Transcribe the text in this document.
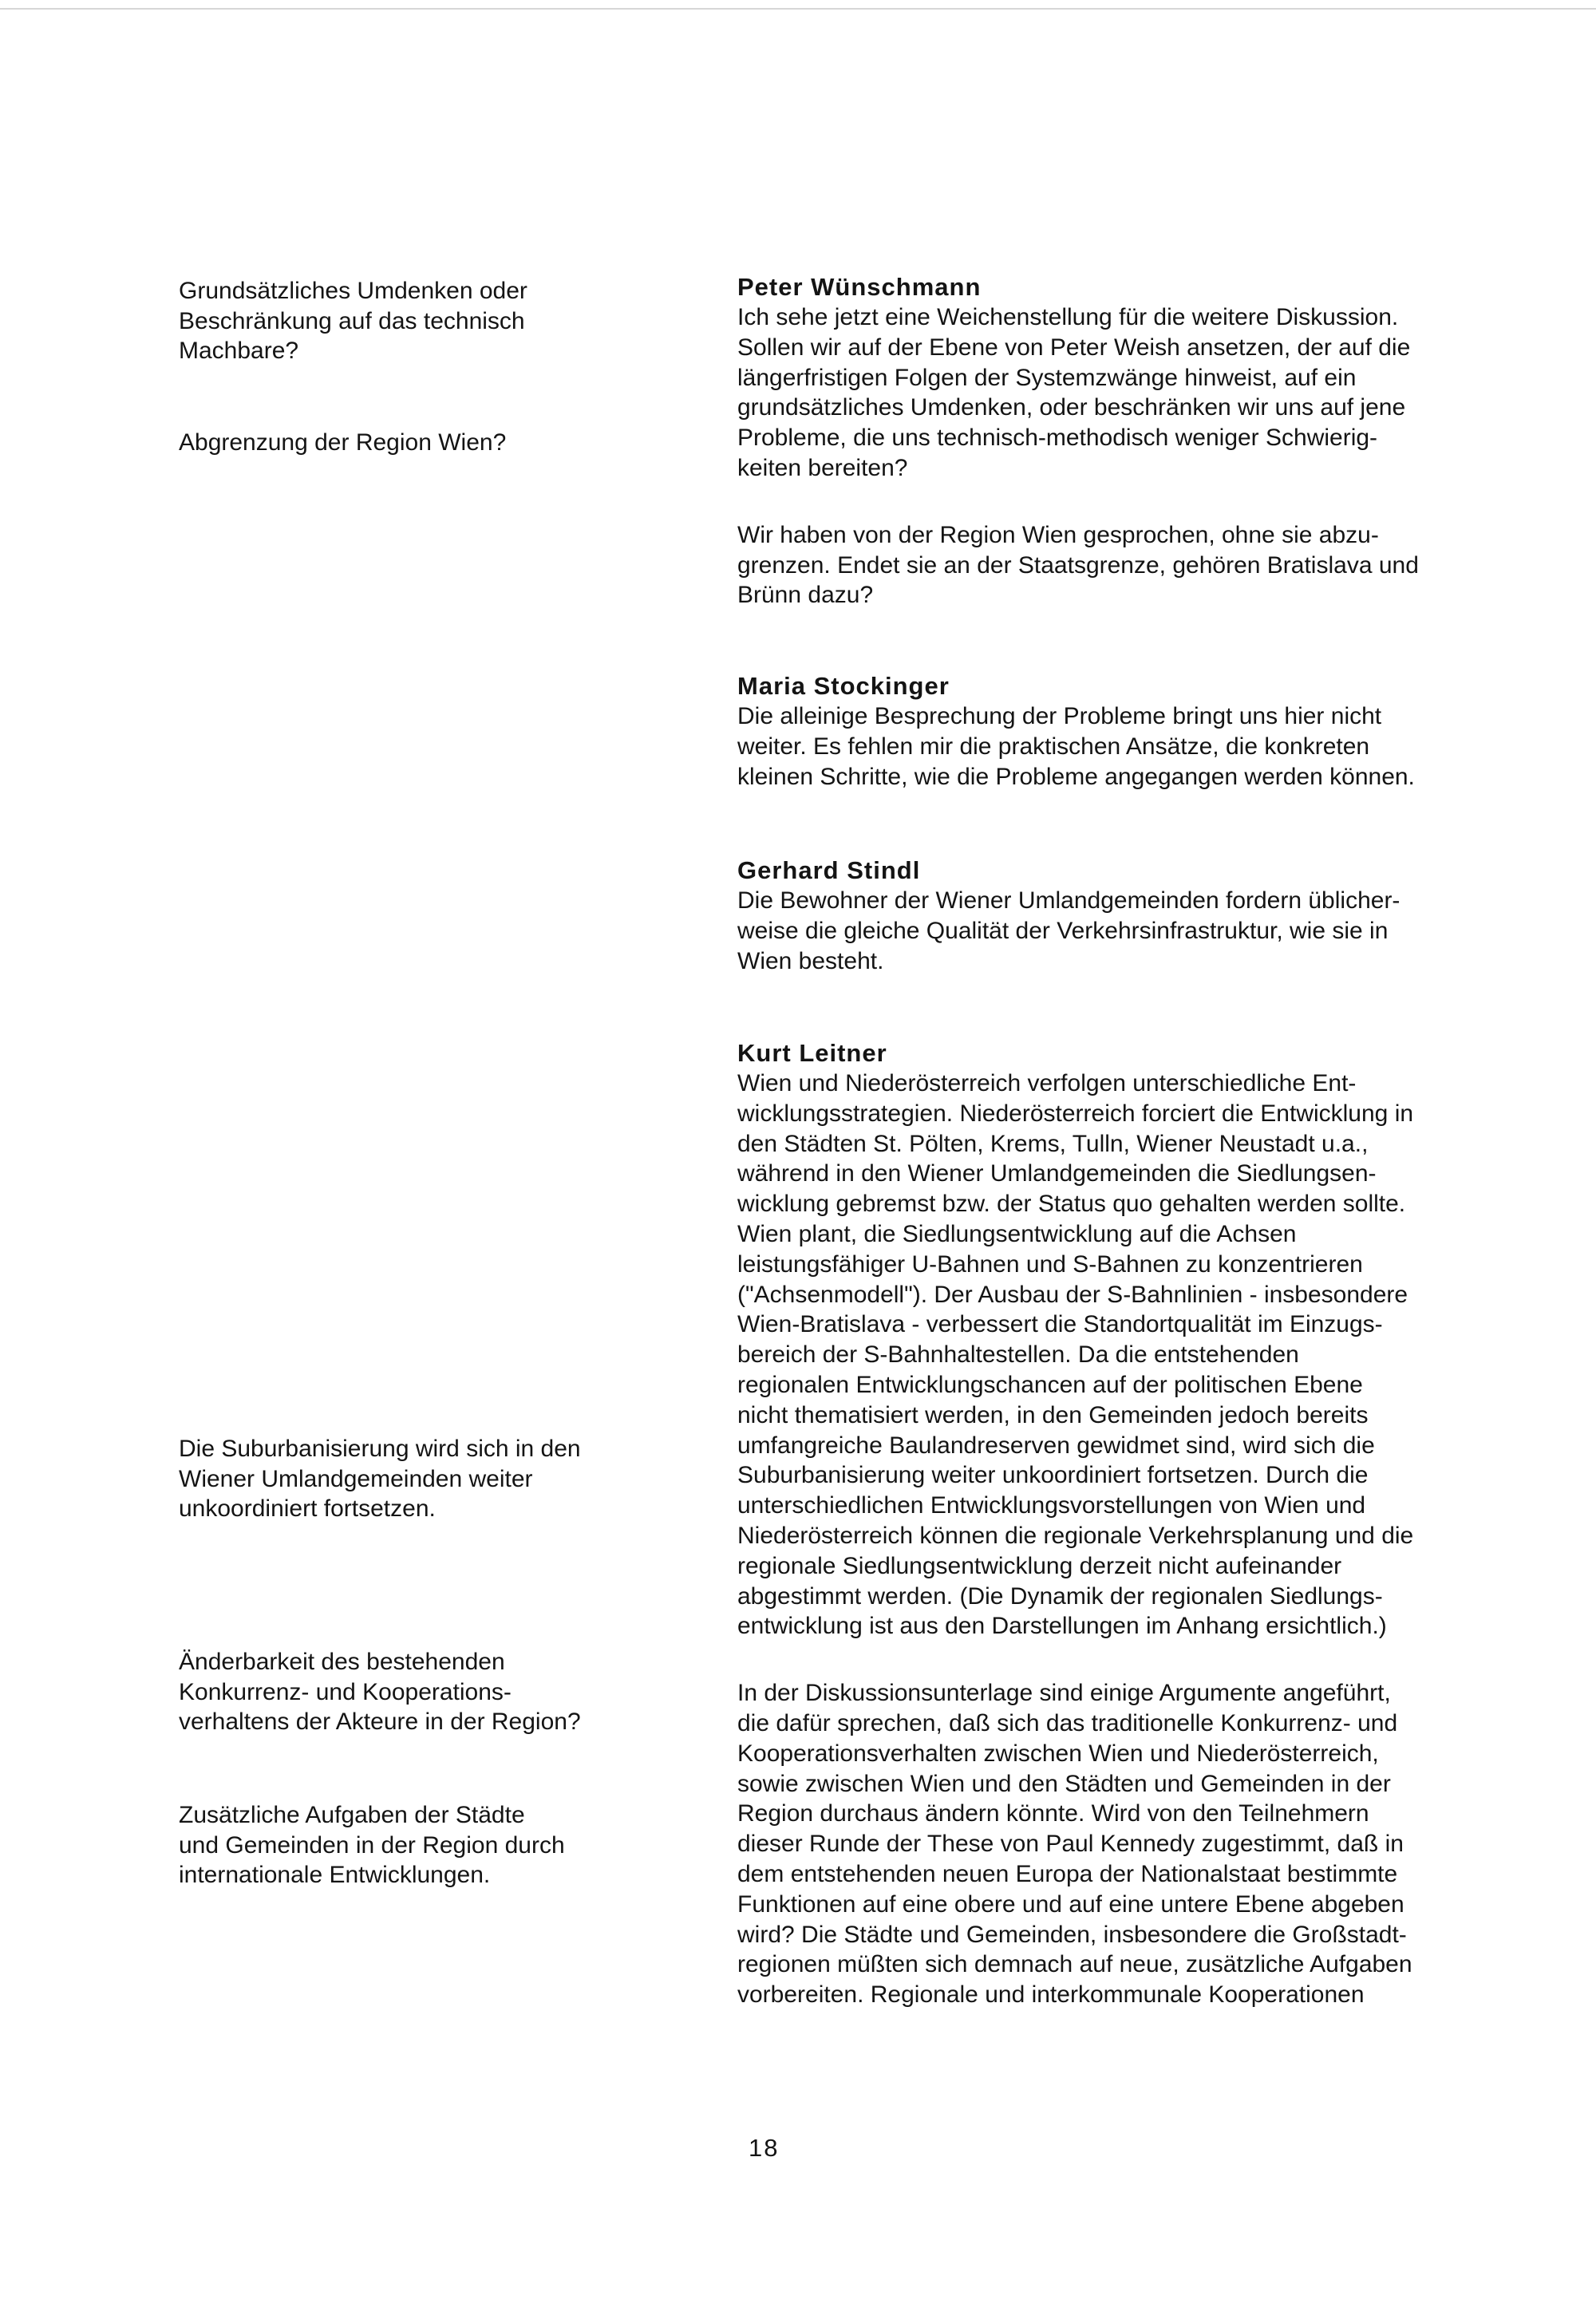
Grundsätzliches Umdenken oder Beschränkung auf das technisch Machbare?
Abgrenzung der Region Wien?
Die Suburbanisierung wird sich in den Wiener Umlandgemeinden weiter unkoordiniert fortsetzen.
Änderbarkeit des bestehenden Konkurrenz- und Kooperations- verhaltens der Akteure in der Region?
Zusätzliche Aufgaben der Städte und Gemeinden in der Region durch internationale Entwicklungen.
Peter Wünschmann
Ich sehe jetzt eine Weichenstellung für die weitere Diskussion.
Sollen wir auf der Ebene von Peter Weish ansetzen, der auf die
längerfristigen Folgen der Systemzwänge hinweist, auf ein
grundsätzliches Umdenken, oder beschränken wir uns auf jene
Probleme, die uns technisch-methodisch weniger Schwierig-
keiten bereiten?
Wir haben von der Region Wien gesprochen, ohne sie abzu-
grenzen. Endet sie an der Staatsgrenze, gehören Bratislava und
Brünn dazu?
Maria Stockinger
Die alleinige Besprechung der Probleme bringt uns hier nicht
weiter. Es fehlen mir die praktischen Ansätze, die konkreten
kleinen Schritte, wie die Probleme angegangen werden können.
Gerhard Stindl
Die Bewohner der Wiener Umlandgemeinden fordern üblicher-
weise die gleiche Qualität der Verkehrsinfrastruktur, wie sie in
Wien besteht.
Kurt Leitner
Wien und Niederösterreich verfolgen unterschiedliche Ent-
wicklungsstrategien. Niederösterreich forciert die Entwicklung in
den Städten St. Pölten, Krems, Tulln, Wiener Neustadt u.a.,
während in den Wiener Umlandgemeinden die Siedlungsen-
wicklung gebremst bzw. der Status quo gehalten werden sollte.
Wien plant, die Siedlungsentwicklung auf die Achsen
leistungsfähiger U-Bahnen und S-Bahnen zu konzentrieren
("Achsenmodell"). Der Ausbau der S-Bahnlinien - insbesondere
Wien-Bratislava - verbessert die Standortqualität im Einzugs-
bereich der S-Bahnhaltestellen. Da die entstehenden
regionalen Entwicklungschancen auf der politischen Ebene
nicht thematisiert werden, in den Gemeinden jedoch bereits
umfangreiche Baulandreserven gewidmet sind, wird sich die
Suburbanisierung weiter unkoordiniert fortsetzen. Durch die
unterschiedlichen Entwicklungsvorstellungen von Wien und
Niederösterreich können die regionale Verkehrsplanung und die
regionale Siedlungsentwicklung derzeit nicht aufeinander
abgestimmt werden. (Die Dynamik der regionalen Siedlungs-
entwicklung ist aus den Darstellungen im Anhang ersichtlich.)
In der Diskussionsunterlage sind einige Argumente angeführt,
die dafür sprechen, daß sich das traditionelle Konkurrenz- und
Kooperationsverhalten zwischen Wien und Niederösterreich,
sowie zwischen Wien und den Städten und Gemeinden in der
Region durchaus ändern könnte. Wird von den Teilnehmern
dieser Runde der These von Paul Kennedy zugestimmt, daß in
dem entstehenden neuen Europa der Nationalstaat bestimmte
Funktionen auf eine obere und auf eine untere Ebene abgeben
wird? Die Städte und Gemeinden, insbesondere die Großstadt-
regionen müßten sich demnach auf neue, zusätzliche Aufgaben
vorbereiten. Regionale und interkommunale Kooperationen
18
